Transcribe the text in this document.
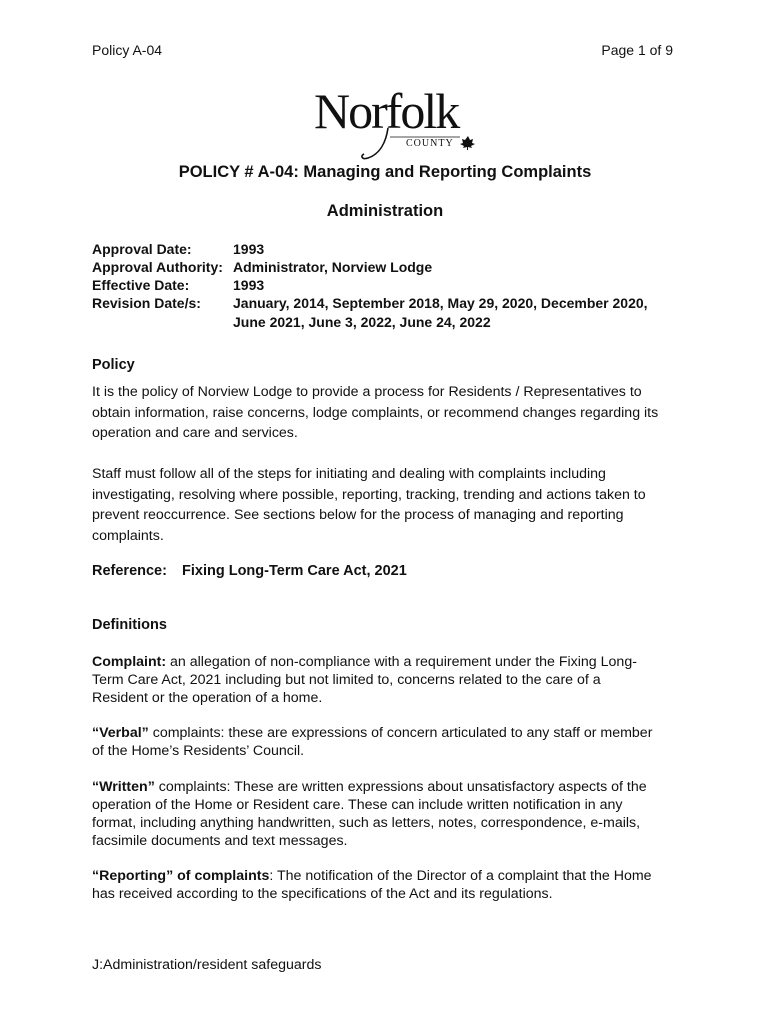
Policy A-04	Page 1 of 9
Norfolk
COUNTY
POLICY # A-04: Managing and Reporting Complaints
Administration
Approval Date:	1993
Approval Authority: Administrator, Norview Lodge
Effective Date:	1993
Revision Date/s:	January, 2014, September 2018, May 29, 2020, December 2020,
June 2021, June 3, 2022, June 24, 2022
Policy
It is the policy of Norview Lodge to provide a process for Residents / Representatives to
obtain information, raise concerns, lodge complaints, or recommend changes regarding its
operation and care and services.
Staff must follow all of the steps for initiating and dealing with complaints including
investigating, resolving where possible, reporting, tracking, trending and actions taken to
prevent reoccurrence. See sections below for the process of managing and reporting
complaints.
Reference:	Fixing Long-Term Care Act, 2021
Definitions
Complaint: an allegation of non-compliance with a requirement under the Fixing Long-
Term Care Act, 2021 including but not limited to, concerns related to the care of a
Resident or the operation of a home.
“Verbal” complaints: these are expressions of concern articulated to any staff or member
of the Home’s Residents’ Council.
“Written” complaints: These are written expressions about unsatisfactory aspects of the
operation of the Home or Resident care. These can include written notification in any
format, including anything handwritten, such as letters, notes, correspondence, e-mails,
facsimile documents and text messages.
“Reporting” of complaints: The notification of the Director of a complaint that the Home
has received according to the specifications of the Act and its regulations.
J:Administration/resident safeguards
